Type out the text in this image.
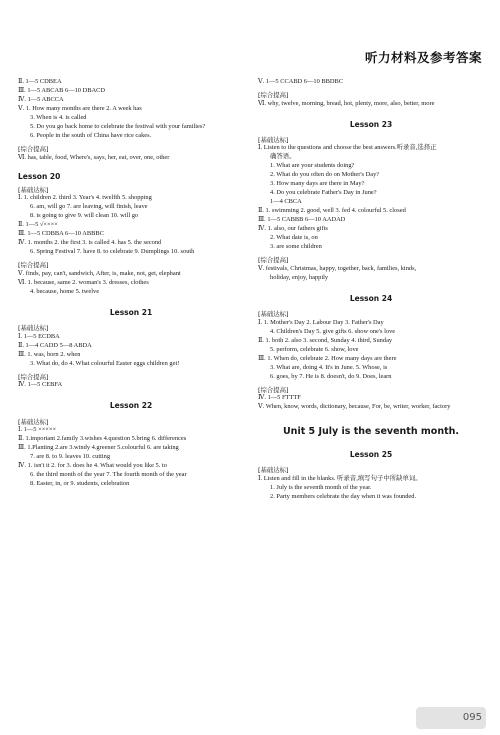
听力材料及参考答案
Ⅱ. 1—5 CDBEA
Ⅲ. 1—5 ABCAB 6—10 DBACD
Ⅳ. 1—5 ABCCA
Ⅴ. 1. How many months are there 2. A week has
3. When is 4. is called
5. Do you go back home to celebrate the festival with your families?
6. People in the south of China have rice cakes.
[综合提高]
Ⅵ. has, table, food, Where's, says, her, eat, over, one, other
Lesson 20
[基础达标]
Ⅰ. 1. children 2. third 3. Year's 4. twelfth 5. shopping
6. am, will go 7. are leaving, will finish, leave
8. is going to give 9. will clean 10. will go
Ⅱ. 1—5 √××××
Ⅲ. 1—5 CDBBA 6—10 ABBBC
Ⅳ. 1. months 2. the first 3. is called 4. has 5. the second
6. Spring Festival 7. have 8. to celebrate 9. Dumplings 10. south
[综合提高]
Ⅴ. finds, pay, can't, sandwich, After, is, make, not, get, elephant
Ⅵ. 1. because, same 2. woman's 3. dresses, clothes
4. because, home 5. twelve
Lesson 21
[基础达标]
Ⅰ. 1—5 ECDBA
Ⅱ. 1—4 CADD 5—8 ABDA
Ⅲ. 1. was, born 2. when
3. What do, do 4. What colourful Easter eggs children get!
[综合提高]
Ⅳ. 1—5 CEBFA
Lesson 22
[基础达标]
Ⅰ. 1—5 ×××××
Ⅱ. 1.important 2.family 3.wishes 4.question 5.bring 6. differences
Ⅲ. 1.Planting 2.are 3.windy 4.greener 5.colourful 6. are taking
7. are 8. to 9. leaves 10. cutting
Ⅳ. 1. isn't it 2. for 3. does he 4. What would you like 5. to
6. the third month of the year 7. The fourth month of the year
8. Easter, in, or 9. students, celebration
Ⅴ. 1—5 CCABD 6—10 BBDBC
[综合提高]
Ⅵ. why, twelve, morning, bread, hot, plenty, more, also, better, more
Lesson 23
[基础达标]
Ⅰ. Listen to the questions and choose the best answers.听录音,选择正
确答语。
1. What are your students doing?
2. What do you often do on Mother's Day?
3. How many days are there in May?
4. Do you celebrate Father's Day in June?
1—4 CBCA
Ⅱ. 1. swimming 2. good, well 3. fed 4. colourful 5. closed
Ⅲ. 1—5 CABBB 6—10 AADAD
Ⅳ. 1. also, our fathers gifts
2. What date is, on
3. are some children
[综合提高]
Ⅴ. festivals, Christmas, happy, together, back, families, kinds,
holiday, enjoy, happily
Lesson 24
[基础达标]
Ⅰ. 1. Mother's Day 2. Labour Day 3. Father's Day
4. Children's Day 5. give gifts 6. show one's love
Ⅱ. 1. both 2. also 3. second, Sunday 4. third, Sunday
5. perform, celebrate 6. show, love
Ⅲ. 1. When do, celebrate 2. How many days are there
3. What are, doing 4. It's in June. 5. Whose, is
6. goes, by 7. He is 8. doesn't, do 9. Does, learn
[综合提高]
Ⅳ. 1—5 FTTTF
Ⅴ. When, know, words, dictionary, because, For, be, writer, worker, factory
Unit 5 July is the seventh month.
Lesson 25
[基础达标]
Ⅰ. Listen and fill in the blanks. 听录音,填写句子中所缺单词。
1. July is the seventh month of the year.
2. Party members celebrate the day when it was founded.
095
